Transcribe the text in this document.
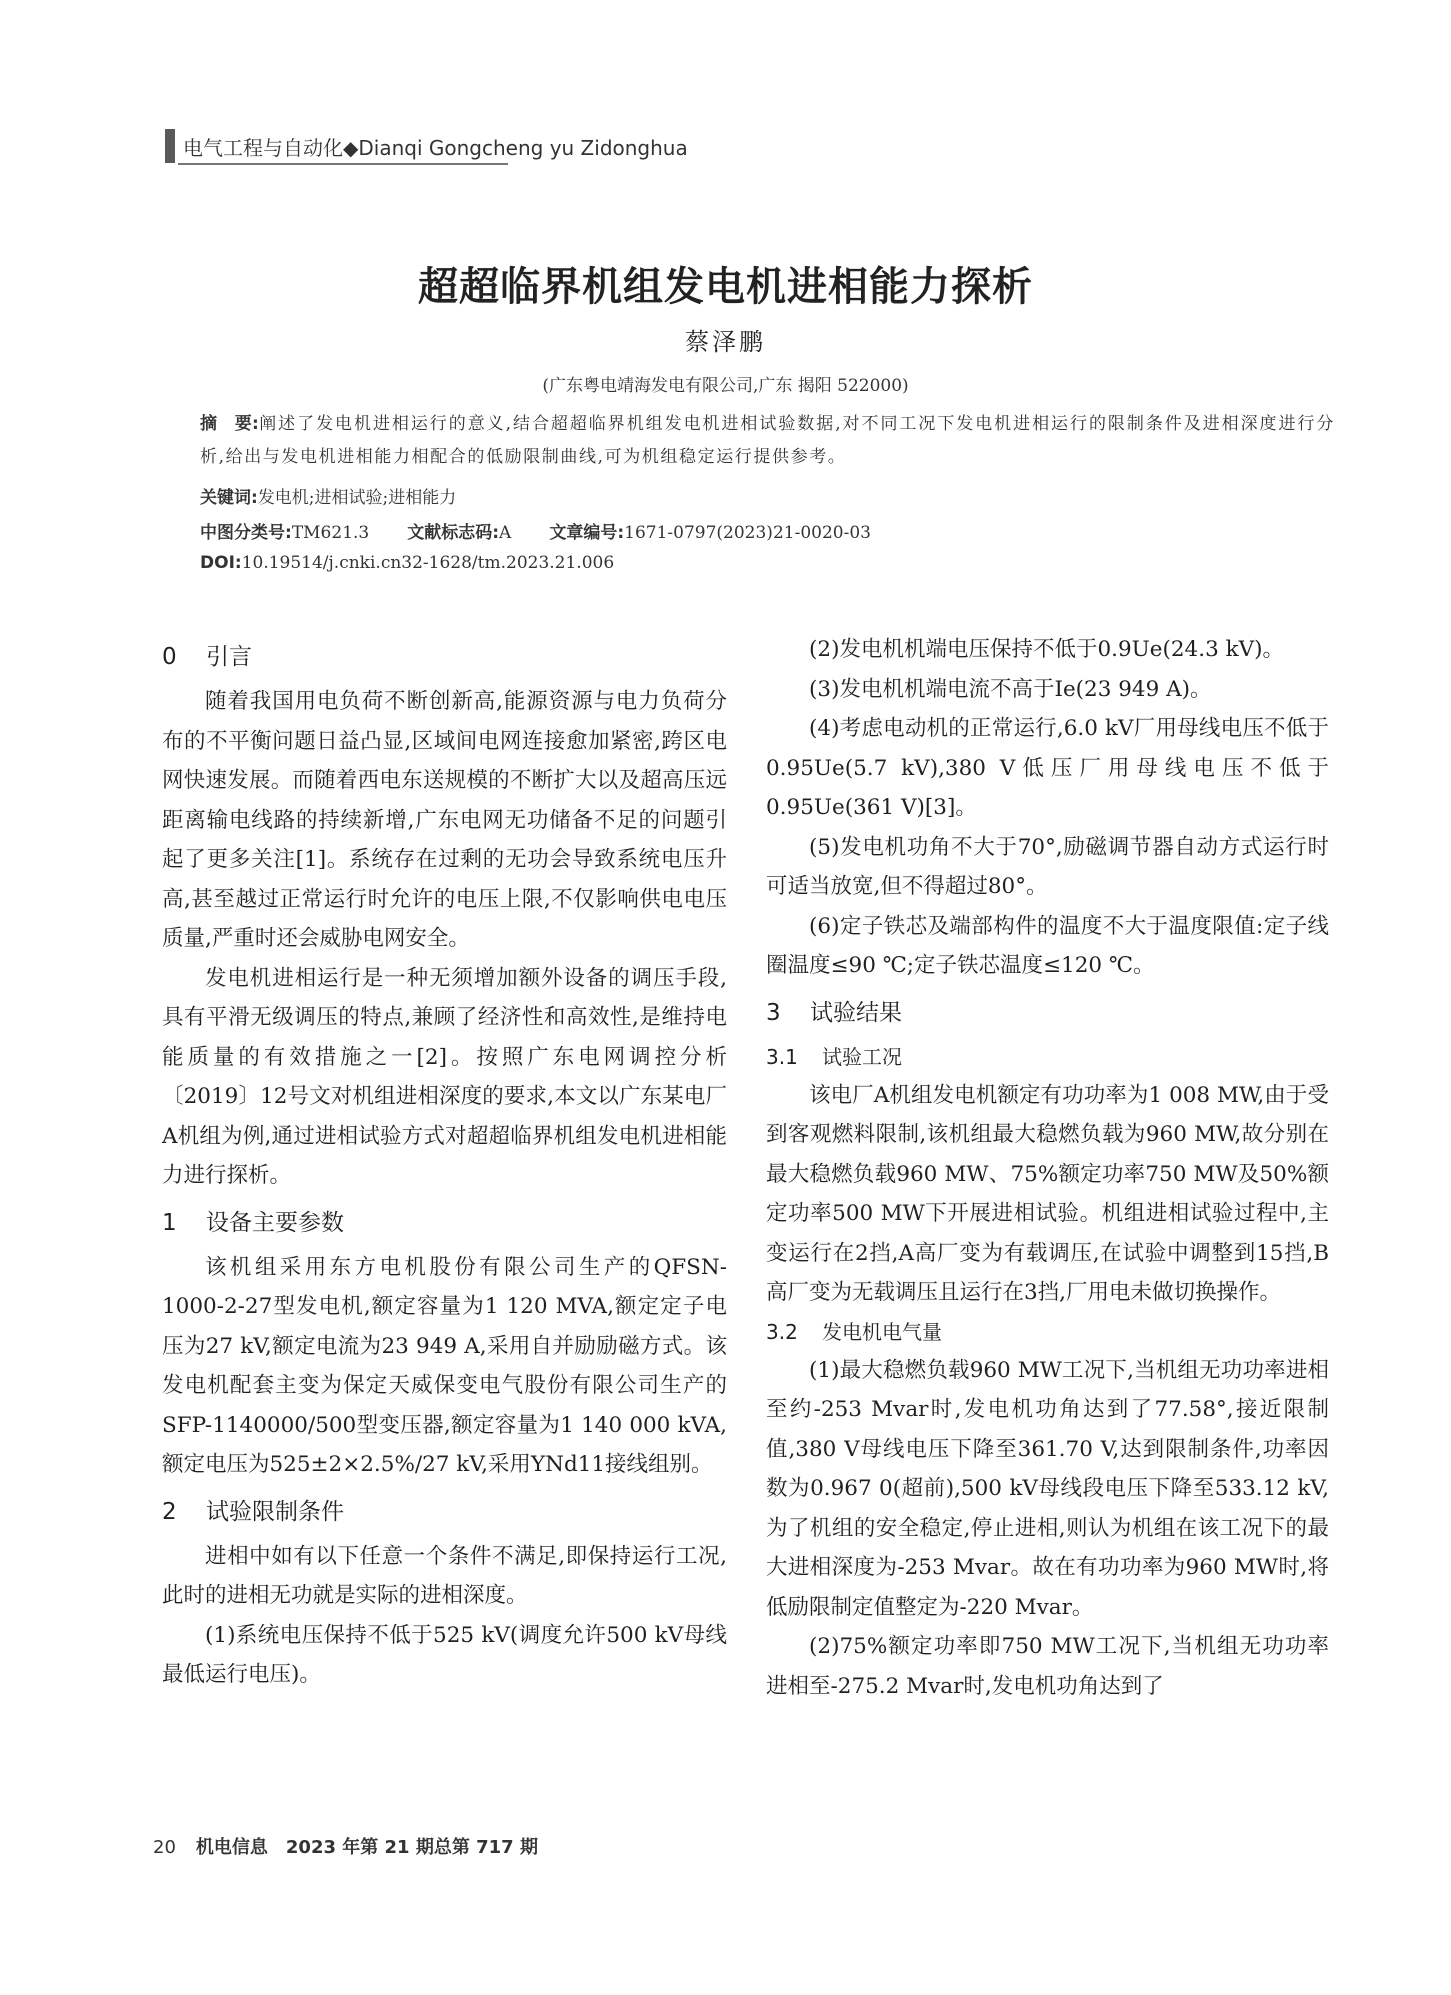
电气工程与自动化◆Dianqi Gongcheng yu Zidonghua
超超临界机组发电机进相能力探析
蔡泽鹏
(广东粤电靖海发电有限公司,广东 揭阳 522000)
摘　要:阐述了发电机进相运行的意义,结合超超临界机组发电机进相试验数据,对不同工况下发电机进相运行的限制条件及进相深度进行分析,给出与发电机进相能力相配合的低励限制曲线,可为机组稳定运行提供参考。
关键词:发电机;进相试验;进相能力
中图分类号:TM621.3 文献标志码:A 文章编号:1671-0797(2023)21-0020-03
DOI:10.19514/j.cnki.cn32-1628/tm.2023.21.006
0 引言

随着我国用电负荷不断创新高,能源资源与电力负荷分布的不平衡问题日益凸显,区域间电网连接愈加紧密,跨区电网快速发展。而随着西电东送规模的不断扩大以及超高压远距离输电线路的持续新增,广东电网无功储备不足的问题引起了更多关注[1]。系统存在过剩的无功会导致系统电压升高,甚至越过正常运行时允许的电压上限,不仅影响供电电压质量,严重时还会威胁电网安全。

发电机进相运行是一种无须增加额外设备的调压手段,具有平滑无级调压的特点,兼顾了经济性和高效性,是维持电能质量的有效措施之一[2]。按照广东电网调控分析〔2019〕12号文对机组进相深度的要求,本文以广东某电厂A机组为例,通过进相试验方式对超超临界机组发电机进相能力进行探析。

1 设备主要参数

该机组采用东方电机股份有限公司生产的QFSN-1000-2-27型发电机,额定容量为1 120 MVA,额定定子电压为27 kV,额定电流为23 949 A,采用自并励励磁方式。该发电机配套主变为保定天威保变电气股份有限公司生产的SFP-1140000/500型变压器,额定容量为1 140 000 kVA,额定电压为525±2×2.5%/27 kV,采用YNd11接线组别。

2 试验限制条件

进相中如有以下任意一个条件不满足,即保持运行工况,此时的进相无功就是实际的进相深度。

(1)系统电压保持不低于525 kV(调度允许500 kV母线最低运行电压)。

(2)发电机机端电压保持不低于0.9Ue(24.3 kV)。

(3)发电机机端电流不高于Ie(23 949 A)。

(4)考虑电动机的正常运行,6.0 kV厂用母线电压不低于0.95Ue(5.7 kV),380 V低压厂用母线电压不低于0.95Ue(361 V)[3]。

(5)发电机功角不大于70°,励磁调节器自动方式运行时可适当放宽,但不得超过80°。

(6)定子铁芯及端部构件的温度不大于温度限值:定子线圈温度≤90 ℃;定子铁芯温度≤120 ℃。

3 试验结果
3.1 试验工况

该电厂A机组发电机额定有功功率为1 008 MW,由于受到客观燃料限制,该机组最大稳燃负载为960 MW,故分别在最大稳燃负载960 MW、75%额定功率750 MW及50%额定功率500 MW下开展进相试验。机组进相试验过程中,主变运行在2挡,A高厂变为有载调压,在试验中调整到15挡,B高厂变为无载调压且运行在3挡,厂用电未做切换操作。

3.2 发电机电气量

(1)最大稳燃负载960 MW工况下,当机组无功功率进相至约-253 Mvar时,发电机功角达到了77.58°,接近限制值,380 V母线电压下降至361.70 V,达到限制条件,功率因数为0.967 0(超前),500 kV母线段电压下降至533.12 kV,为了机组的安全稳定,停止进相,则认为机组在该工况下的最大进相深度为-253 Mvar。故在有功功率为960 MW时,将低励限制定值整定为-220 Mvar。

(2)75%额定功率即750 MW工况下,当机组无功功率进相至-275.2 Mvar时,发电机功角达到了

20 机电信息　2023 年第 21 期总第 717 期
